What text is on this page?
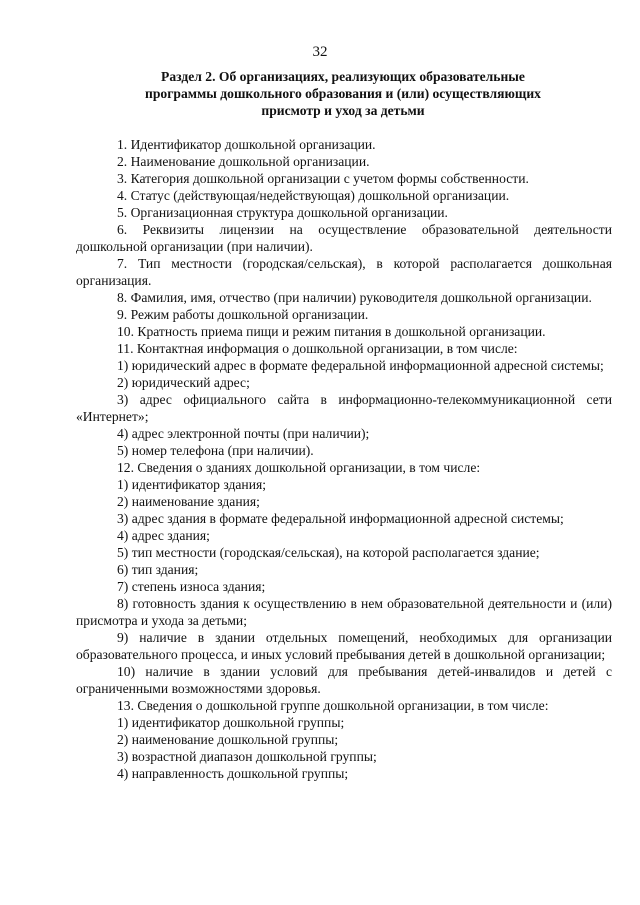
32
Раздел 2. Об организациях, реализующих образовательные
программы дошкольного образования и (или) осуществляющих
присмотр и уход за детьми
1. Идентификатор дошкольной организации.
2. Наименование дошкольной организации.
3. Категория дошкольной организации с учетом формы собственности.
4. Статус (действующая/недействующая) дошкольной организации.
5. Организационная структура дошкольной организации.
6. Реквизиты лицензии на осуществление образовательной деятельности дошкольной организации (при наличии).
7. Тип местности (городская/сельская), в которой располагается дошкольная организация.
8. Фамилия, имя, отчество (при наличии) руководителя дошкольной организации.
9. Режим работы дошкольной организации.
10. Кратность приема пищи и режим питания в дошкольной организации.
11. Контактная информация о дошкольной организации, в том числе:
1) юридический адрес в формате федеральной информационной адресной системы;
2) юридический адрес;
3) адрес официального сайта в информационно-телекоммуникационной сети «Интернет»;
4) адрес электронной почты (при наличии);
5) номер телефона (при наличии).
12. Сведения о зданиях дошкольной организации, в том числе:
1) идентификатор здания;
2) наименование здания;
3) адрес здания в формате федеральной информационной адресной системы;
4) адрес здания;
5) тип местности (городская/сельская), на которой располагается здание;
6) тип здания;
7) степень износа здания;
8) готовность здания к осуществлению в нем образовательной деятельности и (или) присмотра и ухода за детьми;
9) наличие в здании отдельных помещений, необходимых для организации образовательного процесса, и иных условий пребывания детей в дошкольной организации;
10) наличие в здании условий для пребывания детей-инвалидов и детей с ограниченными возможностями здоровья.
13. Сведения о дошкольной группе дошкольной организации, в том числе:
1) идентификатор дошкольной группы;
2) наименование дошкольной группы;
3) возрастной диапазон дошкольной группы;
4) направленность дошкольной группы;
